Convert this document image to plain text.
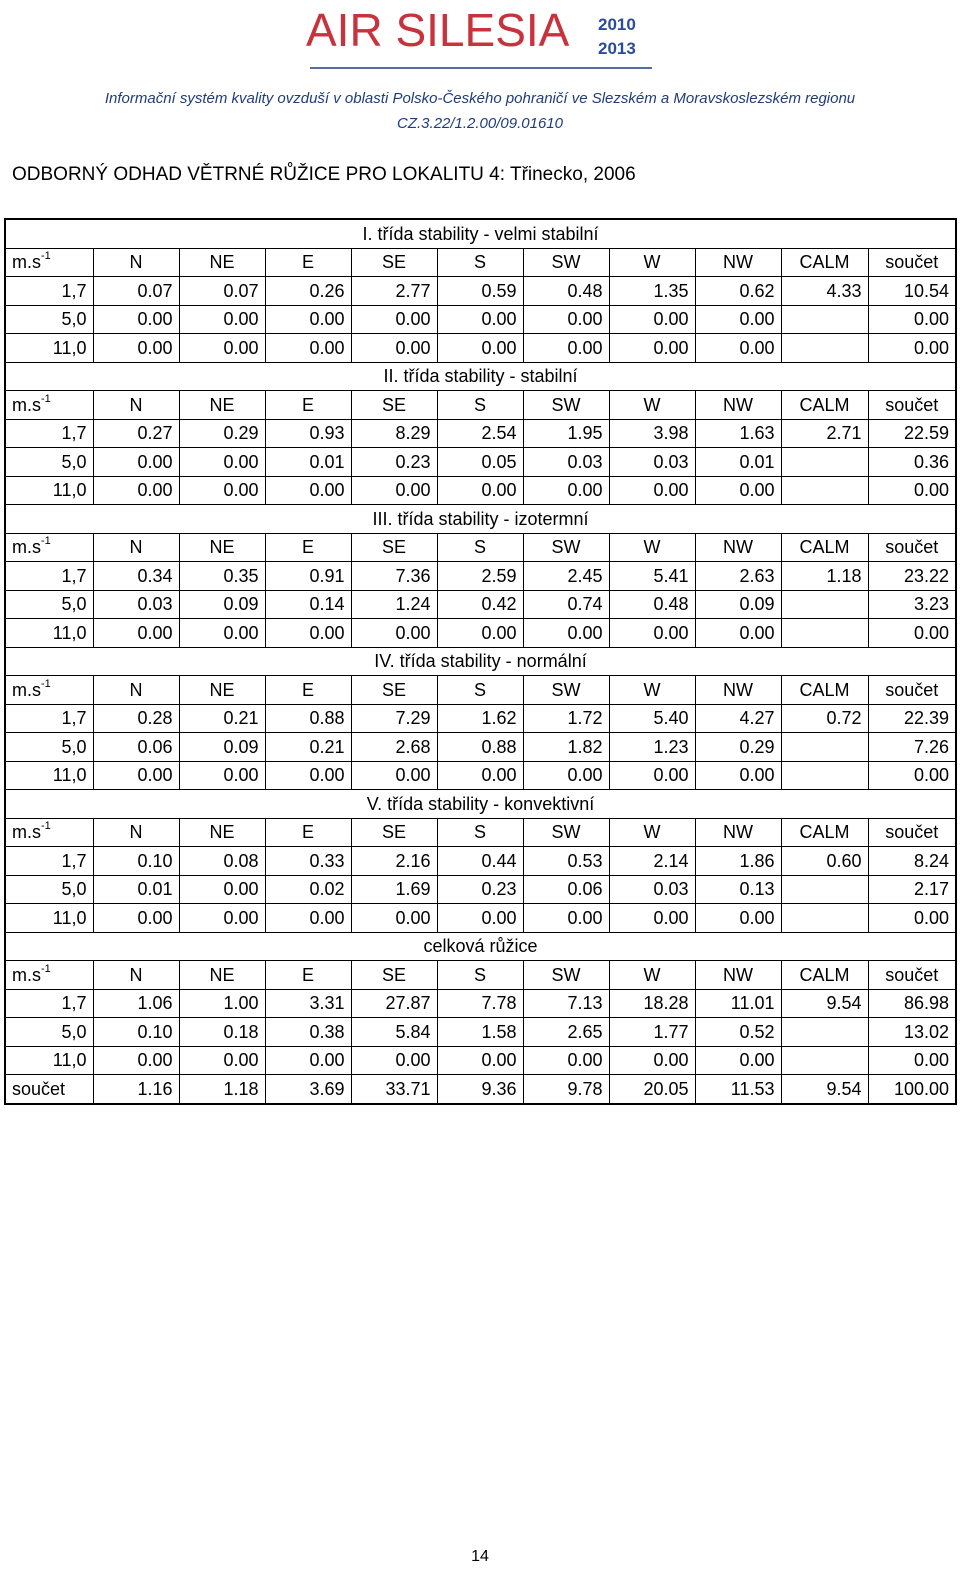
AIR SILESIA 2010
2013
Informační systém kvality ovzduší v oblasti Polsko-Českého pohraničí ve Slezském a Moravskoslezském regionu
CZ.3.22/1.2.00/09.01610
ODBORNÝ ODHAD VĚTRNÉ RŮŽICE PRO LOKALITU 4: Třinecko, 2006
I. třída stability - velmi stabilní										
$m.s^{-1}$	N	NE	E	SE	S	SW	W	NW	CALM	součet
1,7	0.07	0.07	0.26	2.77	0.59	0.48	1.35	0.62	4.33	10.54
5,0	0.00	0.00	0.00	0.00	0.00	0.00	0.00	0.00		0.00
11,0	0.00	0.00	0.00	0.00	0.00	0.00	0.00	0.00		0.00
II. třída stability - stabilní										
$m.s^{-1}$	N	NE	E	SE	S	SW	W	NW	CALM	součet
1,7	0.27	0.29	0.93	8.29	2.54	1.95	3.98	1.63	2.71	22.59
5,0	0.00	0.00	0.01	0.23	0.05	0.03	0.03	0.01		0.36
11,0	0.00	0.00	0.00	0.00	0.00	0.00	0.00	0.00		0.00
III. třída stability - izotermní										
$m.s^{-1}$	N	NE	E	SE	S	SW	W	NW	CALM	součet
1,7	0.34	0.35	0.91	7.36	2.59	2.45	5.41	2.63	1.18	23.22
5,0	0.03	0.09	0.14	1.24	0.42	0.74	0.48	0.09		3.23
11,0	0.00	0.00	0.00	0.00	0.00	0.00	0.00	0.00		0.00
IV. třída stability - normální										
$m.s^{-1}$	N	NE	E	SE	S	SW	W	NW	CALM	součet
1,7	0.28	0.21	0.88	7.29	1.62	1.72	5.40	4.27	0.72	22.39
5,0	0.06	0.09	0.21	2.68	0.88	1.82	1.23	0.29		7.26
11,0	0.00	0.00	0.00	0.00	0.00	0.00	0.00	0.00		0.00
V. třída stability - konvektivní										
$m.s^{-1}$	N	NE	E	SE	S	SW	W	NW	CALM	součet
1,7	0.10	0.08	0.33	2.16	0.44	0.53	2.14	1.86	0.60	8.24
5,0	0.01	0.00	0.02	1.69	0.23	0.06	0.03	0.13		2.17
11,0	0.00	0.00	0.00	0.00	0.00	0.00	0.00	0.00		0.00
celková růžice										
$m.s^{-1}$	N	NE	E	SE	S	SW	W	NW	CALM	součet
1,7	1.06	1.00	3.31	27.87	7.78	7.13	18.28	11.01	9.54	86.98
5,0	0.10	0.18	0.38	5.84	1.58	2.65	1.77	0.52		13.02
11,0	0.00	0.00	0.00	0.00	0.00	0.00	0.00	0.00		0.00
součet	1.16	1.18	3.69	33.71	9.36	9.78	20.05	11.53	9.54	100.00
14
